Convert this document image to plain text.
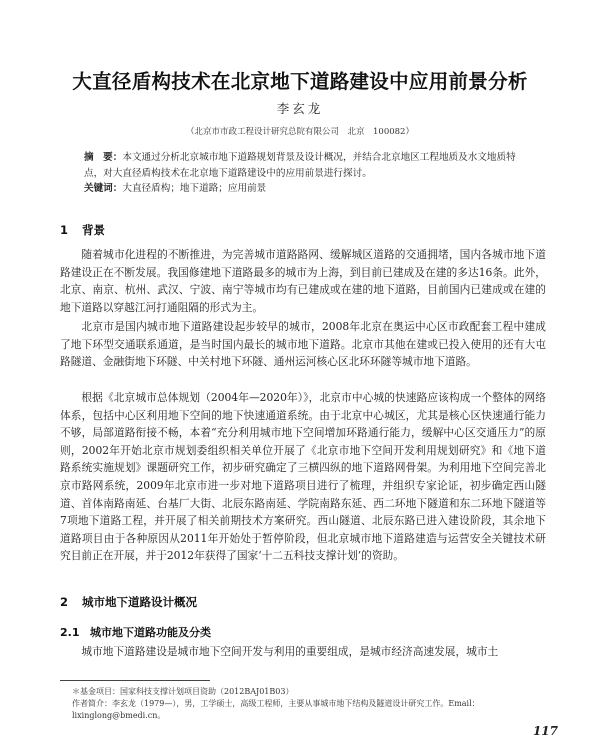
大直径盾构技术在北京地下道路建设中应用前景分析
李玄龙
（北京市市政工程设计研究总院有限公司　北京　100082）

摘　要：本文通过分析北京城市地下道路规划背景及设计概况，并结合北京地区工程地质及水文地质特点，对大直径盾构技术在北京地下道路建设中的应用前景进行探讨。

关键词：大直径盾构；地下道路；应用前景

1 背景

随着城市化进程的不断推进，为完善城市道路路网、缓解城区道路的交通拥堵，国内各城市地下道路建设正在不断发展。我国修建地下道路最多的城市为上海，到目前已建成及在建的多达16条。此外，北京、南京、杭州、武汉、宁波、南宁等城市均有已建成或在建的地下道路，目前国内已建成或在建的地下道路以穿越江河打通阻隔的形式为主。

北京市是国内城市地下道路建设起步较早的城市，2008年北京在奥运中心区市政配套工程中建成了地下环型交通联系通道，是当时国内最长的城市地下道路。北京市其他在建或已投入使用的还有大屯路隧道、金融街地下环隧、中关村地下环隧、通州运河核心区北环环隧等城市地下道路。

根据《北京城市总体规划（2004年—2020年）》，北京市中心城的快速路应该构成一个整体的网络体系，包括中心区利用地下空间的地下快速通道系统。由于北京中心城区，尤其是核心区快速通行能力不够，局部道路衔接不畅，本着“充分利用城市地下空间增加环路通行能力，缓解中心区交通压力”的原则，2002年开始北京市规划委组织相关单位开展了《北京市地下空间开发利用规划研究》和《地下道路系统实施规划》课题研究工作，初步研究确定了三横四纵的地下道路网骨架。为利用地下空间完善北京市路网系统，2009年北京市进一步对地下道路项目进行了梳理，并组织专家论证，初步确定西山隧道、首体南路南延、台基厂大街、北辰东路南延、学院南路东延、西二环地下隧道和东二环地下隧道等7项地下道路工程，并开展了相关前期技术方案研究。西山隧道、北辰东路已进入建设阶段，其余地下道路项目由于各种原因从2011年开始处于暂停阶段，但北京城市地下道路建造与运营安全关键技术研究目前正在开展，并于2012年获得了国家‘十二五科技支撑计划’的资助。

2 城市地下道路设计概况
2.1 城市地下道路功能及分类

城市地下道路建设是城市地下空间开发与利用的重要组成，是城市经济高速发展，城市土

＊基金项目：国家科技支撑计划项目资助（2012BAJ01B03）

作者简介：李玄龙（1979—），男，工学硕士，高级工程师，主要从事城市地下结构及隧道设计研究工作。Email：lixinglong@bmedi.cn。

117
